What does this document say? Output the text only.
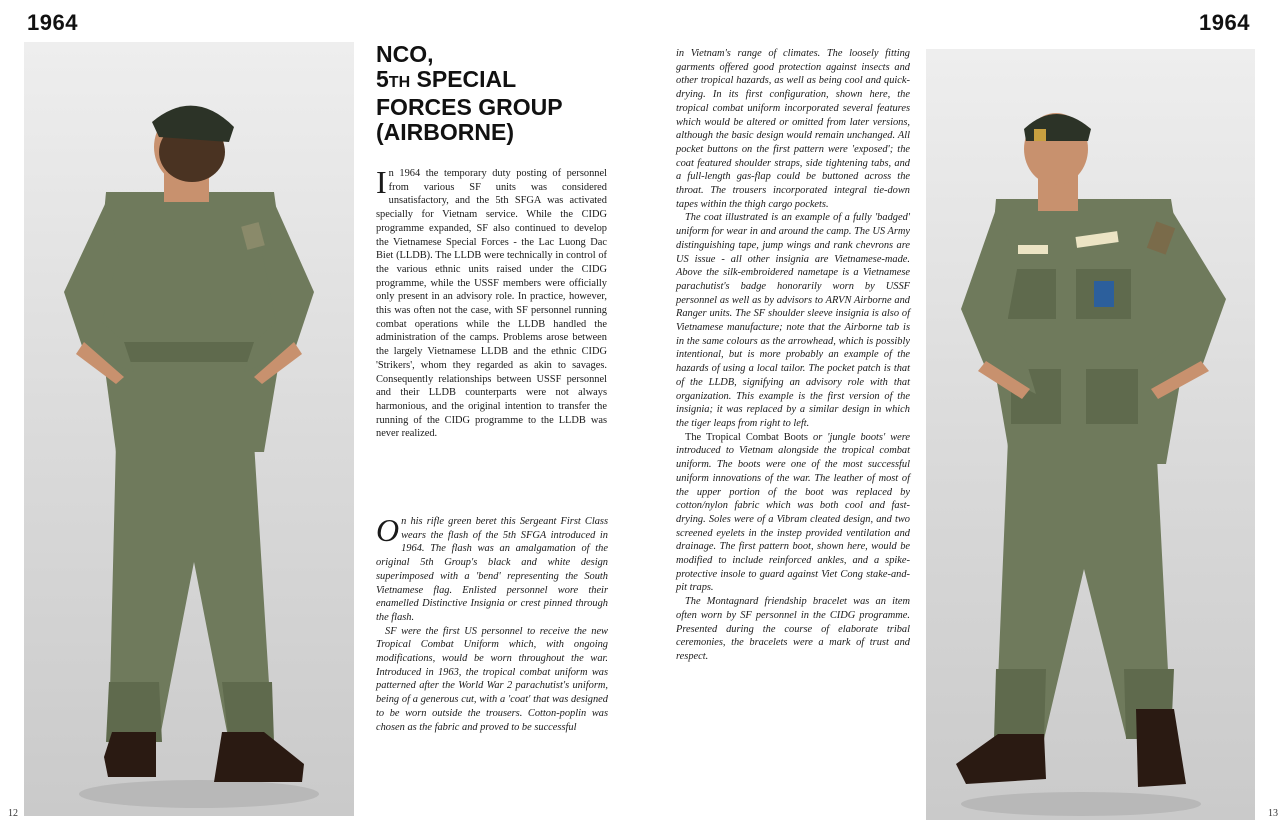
1964	1964
12	13
NCO,
5TH SPECIAL
FORCES GROUP
(AIRBORNE)

In 1964 the temporary duty posting of personnel from various SF units was considered unsatisfactory, and the 5th SFGA was activated specially for Vietnam service. While the CIDG programme expanded, SF also continued to develop the Vietnamese Special Forces - the Lac Luong Dac Biet (LLDB). The LLDB were technically in control of the various ethnic units raised under the CIDG programme, while the USSF members were officially only present in an advisory role. In practice, however, this was often not the case, with SF personnel running combat operations while the LLDB handled the administration of the camps. Problems arose between the largely Vietnamese LLDB and the ethnic CIDG 'Strikers', whom they regarded as akin to savages. Consequently relationships between USSF personnel and their LLDB counterparts were not always harmonious, and the original intention to transfer the running of the CIDG programme to the LLDB was never realized.

On his rifle green beret this Sergeant First Class wears the flash of the 5th SFGA introduced in 1964. The flash was an amalgamation of the original 5th Group's black and white design superimposed with a 'bend' representing the South Vietnamese flag. Enlisted personnel wore their enamelled Distinctive Insignia or crest pinned through the flash.

SF were the first US personnel to receive the new Tropical Combat Uniform which, with ongoing modifications, would be worn throughout the war. Introduced in 1963, the tropical combat uniform was patterned after the World War 2 parachutist's uniform, being of a generous cut, with a 'coat' that was designed to be worn outside the trousers. Cotton-poplin was chosen as the fabric and proved to be successful

in Vietnam's range of climates. The loosely fitting garments offered good protection against insects and other tropical hazards, as well as being cool and quick-drying. In its first configuration, shown here, the tropical combat uniform incorporated several features which would be altered or omitted from later versions, although the basic design would remain unchanged. All pocket buttons on the first pattern were 'exposed'; the coat featured shoulder straps, side tightening tabs, and a full-length gas-flap could be buttoned across the throat. The trousers incorporated integral tie-down tapes within the thigh cargo pockets.

The coat illustrated is an example of a fully 'badged' uniform for wear in and around the camp. The US Army distinguishing tape, jump wings and rank chevrons are US issue - all other insignia are Vietnamese-made. Above the silk-embroidered nametape is a Vietnamese parachutist's badge honorarily worn by USSF personnel as well as by advisors to ARVN Airborne and Ranger units. The SF shoulder sleeve insignia is also of Vietnamese manufacture; note that the Airborne tab is in the same colours as the arrowhead, which is possibly intentional, but is more probably an example of the hazards of using a local tailor. The pocket patch is that of the LLDB, signifying an advisory role with that organization. This example is the first version of the insignia; it was replaced by a similar design in which the tiger leaps from right to left.

The Tropical Combat Boots or 'jungle boots' were introduced to Vietnam alongside the tropical combat uniform. The boots were one of the most successful uniform innovations of the war. The leather of most of the upper portion of the boot was replaced by cotton/nylon fabric which was both cool and fast-drying. Soles were of a Vibram cleated design, and two screened eyelets in the instep provided ventilation and drainage. The first pattern boot, shown here, would be modified to include reinforced ankles, and a spike-protective insole to guard against Viet Cong stake-and-pit traps.

The Montagnard friendship bracelet was an item often worn by SF personnel in the CIDG programme. Presented during the course of elaborate tribal ceremonies, the bracelets were a mark of trust and respect.
